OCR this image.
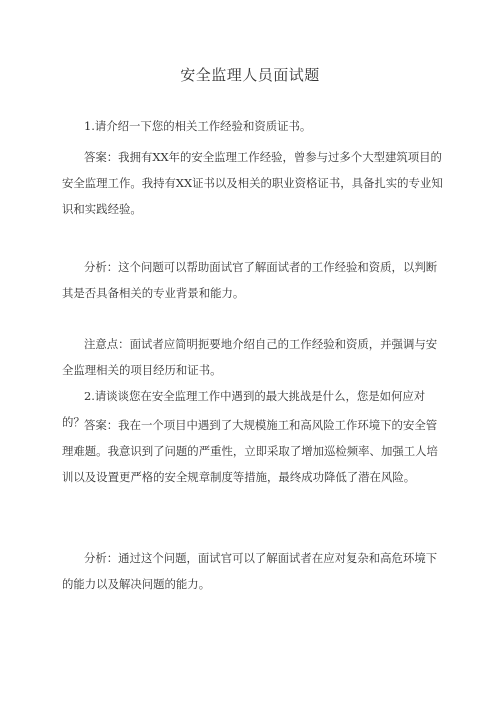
安全监理人员面试题

1.请介绍一下您的相关工作经验和资质证书。

答案：我拥有XX年的安全监理工作经验，曾参与过多个大型建筑项目的安全监理工作。我持有XX证书以及相关的职业资格证书，具备扎实的专业知识和实践经验。

分析：这个问题可以帮助面试官了解面试者的工作经验和资质，以判断其是否具备相关的专业背景和能力。

注意点：面试者应简明扼要地介绍自己的工作经验和资质，并强调与安全监理相关的项目经历和证书。

2.请谈谈您在安全监理工作中遇到的最大挑战是什么，您是如何应对的？ 答案：我在一个项目中遇到了大规模施工和高风险工作环境下的安全管理难题。我意识到了问题的严重性，立即采取了增加巡检频率、加强工人培训以及设置更严格的安全规章制度等措施，最终成功降低了潜在风险。

分析：通过这个问题，面试官可以了解面试者在应对复杂和高危环境下的能力以及解决问题的能力。
